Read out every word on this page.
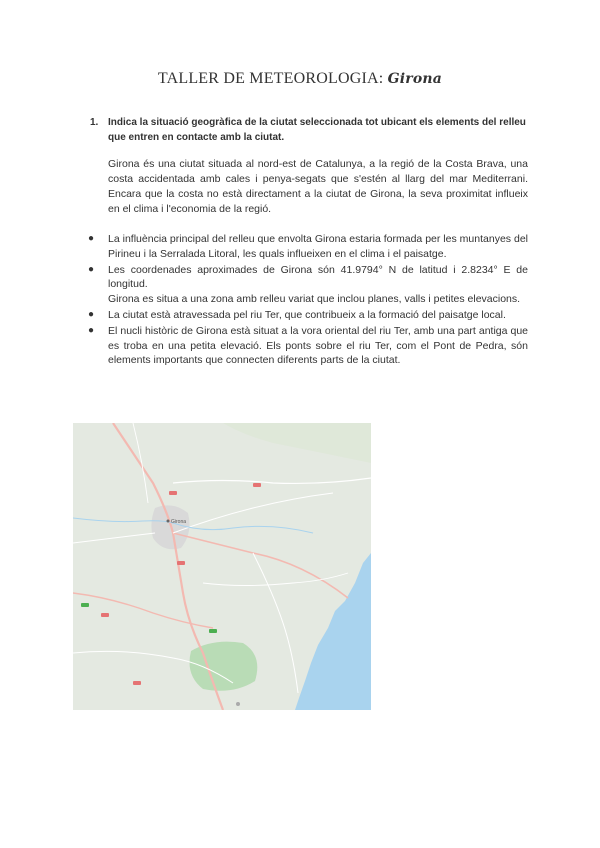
TALLER DE METEOROLOGIA: Girona
1. Indica la situació geogràfica de la ciutat seleccionada tot ubicant els elements del relleu que entren en contacte amb la ciutat.
Girona és una ciutat situada al nord-est de Catalunya, a la regió de la Costa Brava, una costa accidentada amb cales i penya-segats que s'estén al llarg del mar Mediterrani. Encara que la costa no està directament a la ciutat de Girona, la seva proximitat influeix en el clima i l'economia de la regió.
● La influència principal del relleu que envolta Girona estaria formada per les muntanyes del Pirineu i la Serralada Litoral, les quals influeixen en el clima i el paisatge.
● Les coordenades aproximades de Girona són 41.9794° N de latitud i 2.8234° E de longitud.
Girona es situa a una zona amb relleu variat que inclou planes, valls i petites elevacions.
● La ciutat està atravessada pel riu Ter, que contribueix a la formació del paisatge local.
● El nucli històric de Girona està situat a la vora oriental del riu Ter, amb una part antiga que es troba en una petita elevació. Els ponts sobre el riu Ter, com el Pont de Pedra, són elements importants que connecten diferents parts de la ciutat.
Girona
